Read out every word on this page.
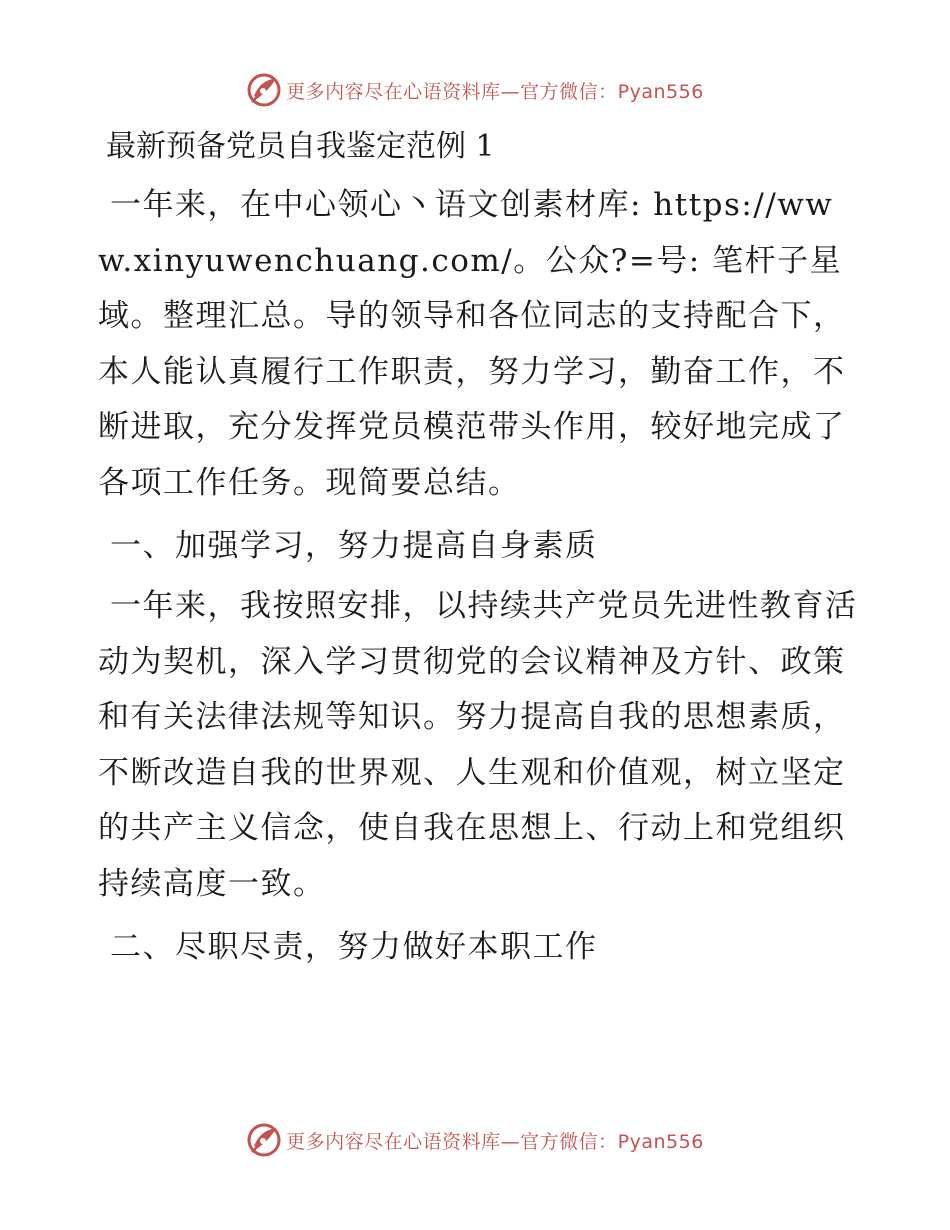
更多内容尽在心语资料库—官方微信：Pyan556
最新预备党员自我鉴定范例 1

一年来，在中心领心丶语文创素材库: https://www.xinyuwenchuang.com/。公众?=号: 笔杆子星域。整理汇总。导的领导和各位同志的支持配合下，本人能认真履行工作职责，努力学习，勤奋工作，不断进取，充分发挥党员模范带头作用，较好地完成了各项工作任务。现简要总结。

一、加强学习，努力提高自身素质

一年来，我按照安排，以持续共产党员先进性教育活动为契机，深入学习贯彻党的会议精神及方针、政策和有关法律法规等知识。努力提高自我的思想素质，不断改造自我的世界观、人生观和价值观，树立坚定的共产主义信念，使自我在思想上、行动上和党组织持续高度一致。

二、尽职尽责，努力做好本职工作
更多内容尽在心语资料库—官方微信：Pyan556
